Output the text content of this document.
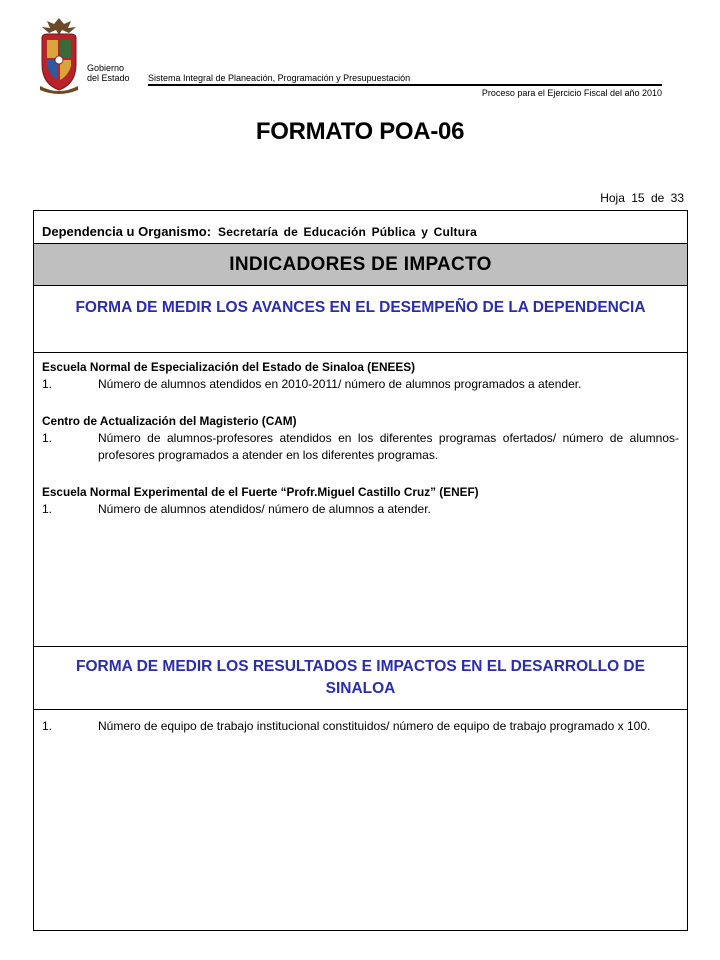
Gobierno
del Estado Sistema Integral de Planeación, Programación y Presupuestación
Proceso para el Ejercicio Fiscal del año 2010
FORMATO POA-06
Hoja 15 de 33
Dependencia u Organismo: Secretaría de Educación Pública y Cultura
INDICADORES DE IMPACTO
FORMA DE MEDIR LOS AVANCES EN EL DESEMPEÑO DE LA DEPENDENCIA
Escuela Normal de Especialización del Estado de Sinaloa (ENEES)
1.	Número de alumnos atendidos en 2010-2011/ número de alumnos programados a atender.
Centro de Actualización del Magisterio (CAM)
1.	Número de alumnos-profesores atendidos en los diferentes programas ofertados/ número de alumnos-profesores programados a atender en los diferentes programas.
Escuela Normal Experimental de el Fuerte “Profr.Miguel Castillo Cruz” (ENEF)
1.	Número de alumnos atendidos/ número de alumnos a atender.
FORMA DE MEDIR LOS RESULTADOS E IMPACTOS EN EL DESARROLLO DE SINALOA
1.	Número de equipo de trabajo institucional constituidos/ número de equipo de trabajo programado x 100.
